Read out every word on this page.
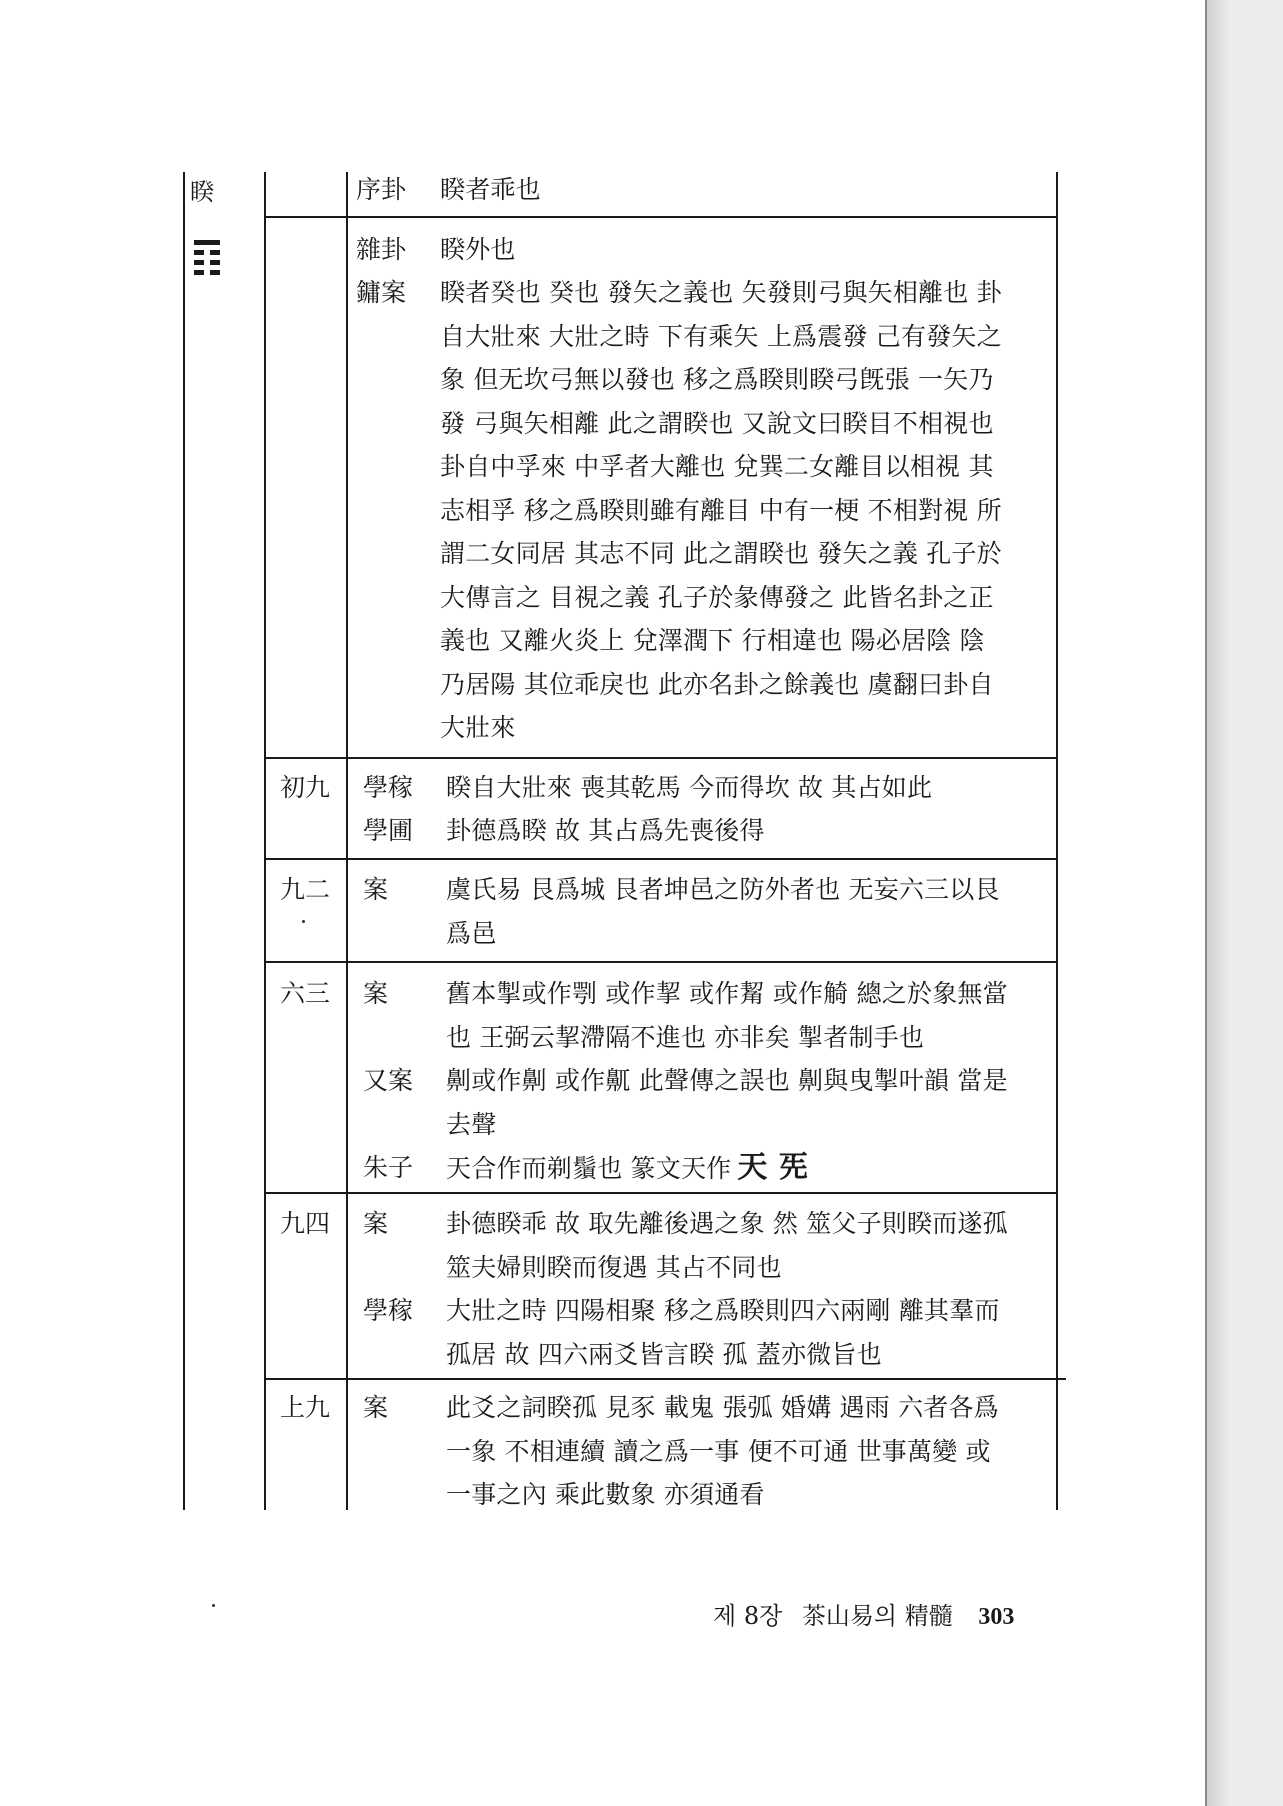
睽	序卦 睽者乖也
雜卦 睽外也
鏞案 睽者癸也 癸也 發矢之義也 矢發則弓與矢相離也 卦
自大壯來 大壯之時 下有乘矢 上爲震發 己有發矢之
象 但无坎弓無以發也 移之爲睽則睽弓旣張 一矢乃
發 弓與矢相離 此之謂睽也 又說文曰睽目不相視也
卦自中孚來 中孚者大離也 兌巽二女離目以相視 其
志相孚 移之爲睽則雖有離目 中有一梗 不相對視 所
謂二女同居 其志不同 此之謂睽也 發矢之義 孔子於
大傳言之 目視之義 孔子於彖傳發之 此皆名卦之正
義也 又離火炎上 兌澤潤下 行相違也 陽必居陰 陰
乃居陽 其位乖戾也 此亦名卦之餘義也 虞翻曰卦自
大壯來
初九 學稼 睽自大壯來 喪其乾馬 今而得坎 故 其占如此
學圃 卦德爲睽 故 其占爲先喪後得
九二 案 虞氏易 艮爲城 艮者坤邑之防外者也 无妄六三以艮
爲邑
六三 案 舊本掣或作㓵 或作挈 或作觢 或作觭 總之於象無當
也 王弼云挈滯隔不進也 亦非矣 掣者制手也
又案 劓或作劓 或作鼿 此聲傳之誤也 劓與曳掣叶韻 當是
去聲
朱子 天合作而剃鬚也 篆文天作 天 𠀡
九四 案 卦德睽乖 故 取先離後遇之象 然 筮父子則睽而遂孤
筮夫婦則睽而復遇 其占不同也
學稼 大壯之時 四陽相聚 移之爲睽則四六兩剛 離其羣而
孤居 故 四六兩爻皆言睽 孤 蓋亦微旨也
上九 案 此爻之詞睽孤 見豕 載鬼 張弧 婚媾 遇雨 六者各爲
一象 不相連續 讀之爲一事 便不可通 世事萬變 或
一事之內 乘此數象 亦須通看
제 8장 茶山易의 精髓 303
